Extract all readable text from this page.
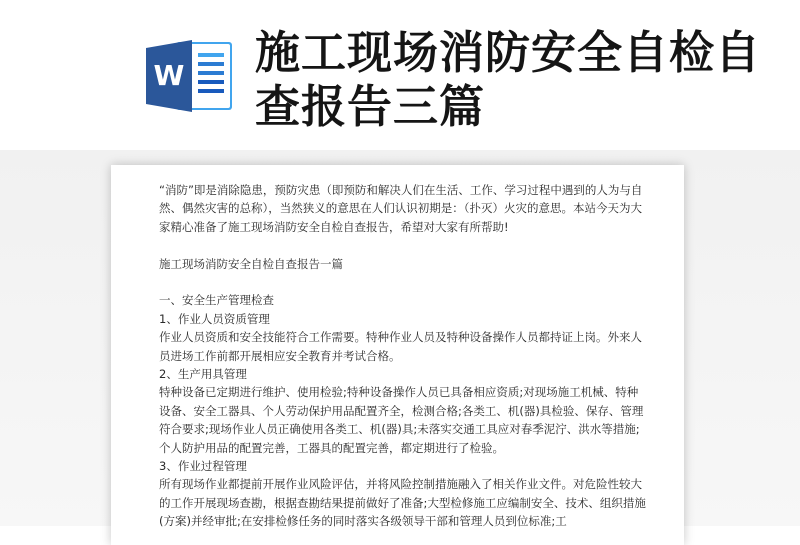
W 施工现场消防安全自检自查报告三篇

“消防”即是消除隐患，预防灾患（即预防和解决人们在生活、工作、学习过程中遇到的人为与自然、偶然灾害的总称），当然狭义的意思在人们认识初期是：（扑灭）火灾的意思。本站今天为大家精心准备了施工现场消防安全自检自查报告，希望对大家有所帮助!

施工现场消防安全自检自查报告一篇

一、安全生产管理检查

1、作业人员资质管理

作业人员资质和安全技能符合工作需要。特种作业人员及特种设备操作人员都持证上岗。外来人员进场工作前都开展相应安全教育并考试合格。

2、生产用具管理

特种设备已定期进行维护、使用检验;特种设备操作人员已具备相应资质;对现场施工机械、特种设备、安全工器具、个人劳动保护用品配置齐全，检测合格;各类工、机(器)具检验、保存、管理符合要求;现场作业人员正确使用各类工、机(器)具;未落实交通工具应对春季泥泞、洪水等措施;个人防护用品的配置完善，工器具的配置完善，都定期进行了检验。

3、作业过程管理

所有现场作业都提前开展作业风险评估，并将风险控制措施融入了相关作业文件。对危险性较大的工作开展现场查勘，根据查勘结果提前做好了准备;大型检修施工应编制安全、技术、组织措施(方案)并经审批;在安排检修任务的同时落实各级领导干部和管理人员到位标准;工
